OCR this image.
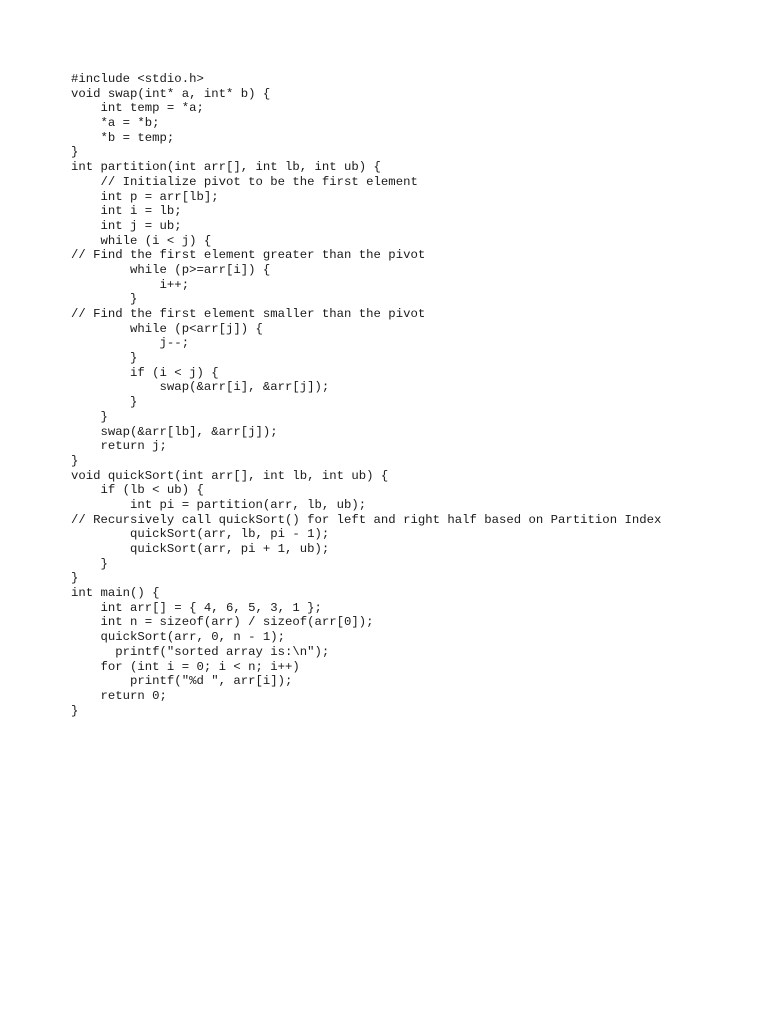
#include <stdio.h>
void swap(int* a, int* b) {
int temp = *a;
*a = *b;
*b = temp;
}
int partition(int arr[], int lb, int ub) {
// Initialize pivot to be the first element
int p = arr[lb];
int i = lb;
int j = ub;
while (i < j) {
// Find the first element greater than the pivot
while (p>=arr[i]) {
i++;
}
// Find the first element smaller than the pivot
while (p<arr[j]) {
j--;
}
if (i < j) {
swap(&arr[i], &arr[j]);
}
}
swap(&arr[lb], &arr[j]);
return j;
}
void quickSort(int arr[], int lb, int ub) {
if (lb < ub) {
int pi = partition(arr, lb, ub);
// Recursively call quickSort() for left and right half based on Partition Index
quickSort(arr, lb, pi - 1);
quickSort(arr, pi + 1, ub);
}
}
int main() {
int arr[] = { 4, 6, 5, 3, 1 };
int n = sizeof(arr) / sizeof(arr[0]);
quickSort(arr, 0, n - 1);
printf("sorted array is:\n");
for (int i = 0; i < n; i++)
printf("%d ", arr[i]);
return 0;
}
